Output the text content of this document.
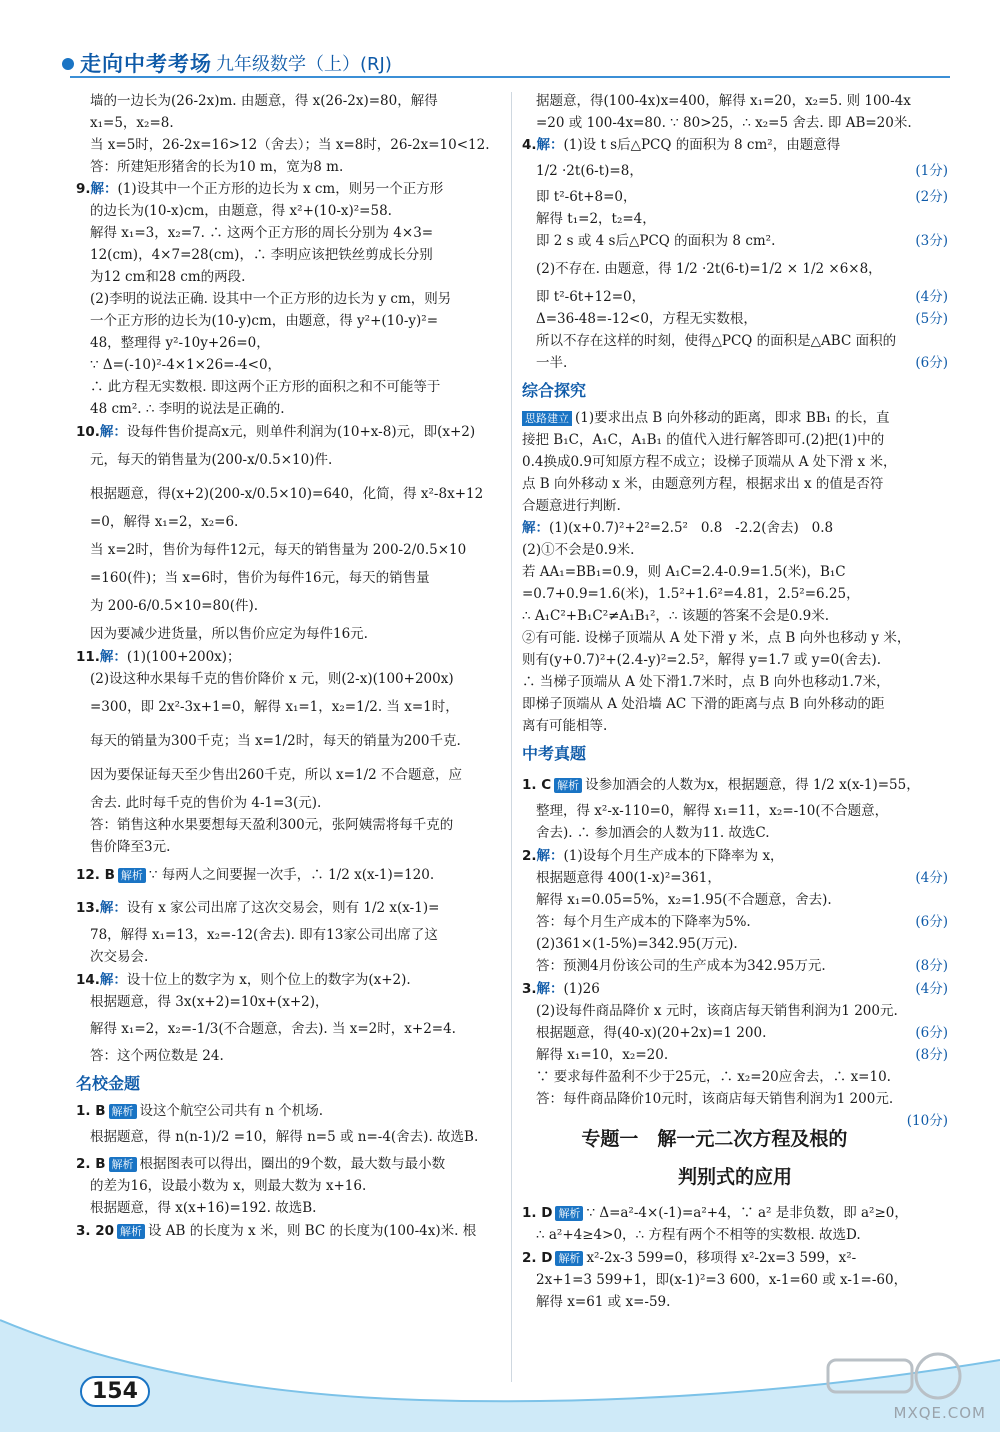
走向中考考场 九年级数学（上）(RJ)
墙的一边长为(26-2x)m. 由题意，得 x(26-2x)=80，解得
x₁=5，x₂=8.
当 x=5时，26-2x=16>12（舍去）；当 x=8时，26-2x=10<12.
答：所建矩形猪舍的长为10 m，宽为8 m.
9.解：(1)设其中一个正方形的边长为 x cm，则另一个正方形
的边长为(10-x)cm，由题意，得 x²+(10-x)²=58.
解得 x₁=3，x₂=7. ∴ 这两个正方形的周长分别为 4×3=
12(cm)，4×7=28(cm)，∴ 李明应该把铁丝剪成长分别
为12 cm和28 cm的两段.
(2)李明的说法正确. 设其中一个正方形的边长为 y cm，则另
一个正方形的边长为(10-y)cm，由题意，得 y²+(10-y)²=
48，整理得 y²-10y+26=0，
∵ Δ=(-10)²-4×1×26=-4<0，
∴ 此方程无实数根. 即这两个正方形的面积之和不可能等于
48 cm². ∴ 李明的说法是正确的.
10.解：设每件售价提高x元，则单件利润为(10+x-8)元，即(x+2)
元，每天的销售量为(200-x/0.5×10)件.
根据题意，得(x+2)(200-x/0.5×10)=640，化简，得 x²-8x+12
=0，解得 x₁=2，x₂=6.
当 x=2时，售价为每件12元，每天的销售量为 200-2/0.5×10
=160(件)；当 x=6时，售价为每件16元，每天的销售量
为 200-6/0.5×10=80(件).
因为要减少进货量，所以售价应定为每件16元.
11.解：(1)(100+200x)；
(2)设这种水果每千克的售价降价 x 元，则(2-x)(100+200x)
=300，即 2x²-3x+1=0，解得 x₁=1，x₂=1/2. 当 x=1时，
每天的销量为300千克；当 x=1/2时，每天的销量为200千克.
因为要保证每天至少售出260千克，所以 x=1/2 不合题意，应
舍去. 此时每千克的售价为 4-1=3(元).
答：销售这种水果要想每天盈利300元，张阿姨需将每千克的
售价降至3元.
12. B 解析 ∵ 每两人之间要握一次手，∴ 1/2 x(x-1)=120.
13.解：设有 x 家公司出席了这次交易会，则有 1/2 x(x-1)=
78，解得 x₁=13，x₂=-12(舍去). 即有13家公司出席了这
次交易会.
14.解：设十位上的数字为 x，则个位上的数字为(x+2).
根据题意，得 3x(x+2)=10x+(x+2)，
解得 x₁=2，x₂=-1/3(不合题意，舍去). 当 x=2时，x+2=4.
答：这个两位数是 24.
名校金题
1. B 解析 设这个航空公司共有 n 个机场.
根据题意，得 n(n-1)/2 =10，解得 n=5 或 n=-4(舍去). 故选B.
2. B 解析 根据图表可以得出，圈出的9个数，最大数与最小数
的差为16，设最小数为 x，则最大数为 x+16.
根据题意，得 x(x+16)=192. 故选B.
3. 20 解析 设 AB 的长度为 x 米，则 BC 的长度为(100-4x)米. 根
据题意，得(100-4x)x=400，解得 x₁=20，x₂=5. 则 100-4x
=20 或 100-4x=80. ∵ 80>25，∴ x₂=5 舍去. 即 AB=20米.
4.解：(1)设 t s后△PCQ 的面积为 8 cm²，由题意得
1/2 ·2t(6-t)=8，	(1分)
即 t²-6t+8=0，	(2分)
解得 t₁=2，t₂=4，
即 2 s 或 4 s后△PCQ 的面积为 8 cm².	(3分)
(2)不存在. 由题意，得 1/2 ·2t(6-t)=1/2 × 1/2 ×6×8，
即 t²-6t+12=0，	(4分)
Δ=36-48=-12<0，方程无实数根，	(5分)
所以不存在这样的时刻，使得△PCQ 的面积是△ABC 面积的
一半.	(6分)
综合探究
思路建立 (1)要求出点 B 向外移动的距离，即求 BB₁ 的长，直
接把 B₁C，A₁C，A₁B₁ 的值代入进行解答即可.(2)把(1)中的
0.4换成0.9可知原方程不成立；设梯子顶端从 A 处下滑 x 米，
点 B 向外移动 x 米，由题意列方程，根据求出 x 的值是否符
合题意进行判断.
解：(1)(x+0.7)²+2²=2.5²   0.8   -2.2(舍去)   0.8
(2)①不会是0.9米.
若 AA₁=BB₁=0.9，则 A₁C=2.4-0.9=1.5(米)，B₁C
=0.7+0.9=1.6(米)，1.5²+1.6²=4.81，2.5²=6.25，
∴ A₁C²+B₁C²≠A₁B₁²，∴ 该题的答案不会是0.9米.
②有可能. 设梯子顶端从 A 处下滑 y 米，点 B 向外也移动 y 米，
则有(y+0.7)²+(2.4-y)²=2.5²，解得 y=1.7 或 y=0(舍去).
∴ 当梯子顶端从 A 处下滑1.7米时，点 B 向外也移动1.7米，
即梯子顶端从 A 处沿墙 AC 下滑的距离与点 B 向外移动的距
离有可能相等.
中考真题
1. C 解析 设参加酒会的人数为x，根据题意，得 1/2 x(x-1)=55，
整理，得 x²-x-110=0，解得 x₁=11，x₂=-10(不合题意，
舍去). ∴ 参加酒会的人数为11. 故选C.
2.解：(1)设每个月生产成本的下降率为 x，
根据题意得 400(1-x)²=361，	(4分)
解得 x₁=0.05=5%，x₂=1.95(不合题意，舍去).
答：每个月生产成本的下降率为5%.	(6分)
(2)361×(1-5%)=342.95(万元).
答：预测4月份该公司的生产成本为342.95万元.	(8分)
3.解：(1)26	(4分)
(2)设每件商品降价 x 元时，该商店每天销售利润为1 200元.
根据题意，得(40-x)(20+2x)=1 200.	(6分)
解得 x₁=10，x₂=20.	(8分)
∵ 要求每件盈利不少于25元，∴ x₂=20应舍去，∴ x=10.
答：每件商品降价10元时，该商店每天销售利润为1 200元.
(10分)
专题一　解一元二次方程及根的
判别式的应用
1. D 解析 ∵ Δ=a²-4×(-1)=a²+4，∵ a² 是非负数，即 a²≥0，
∴ a²+4≥4>0，∴ 方程有两个不相等的实数根. 故选D.
2. D 解析 x²-2x-3 599=0，移项得 x²-2x=3 599，x²-
2x+1=3 599+1，即(x-1)²=3 600，x-1=60 或 x-1=-60，
解得 x=61 或 x=-59.
154
MXQE.COM
